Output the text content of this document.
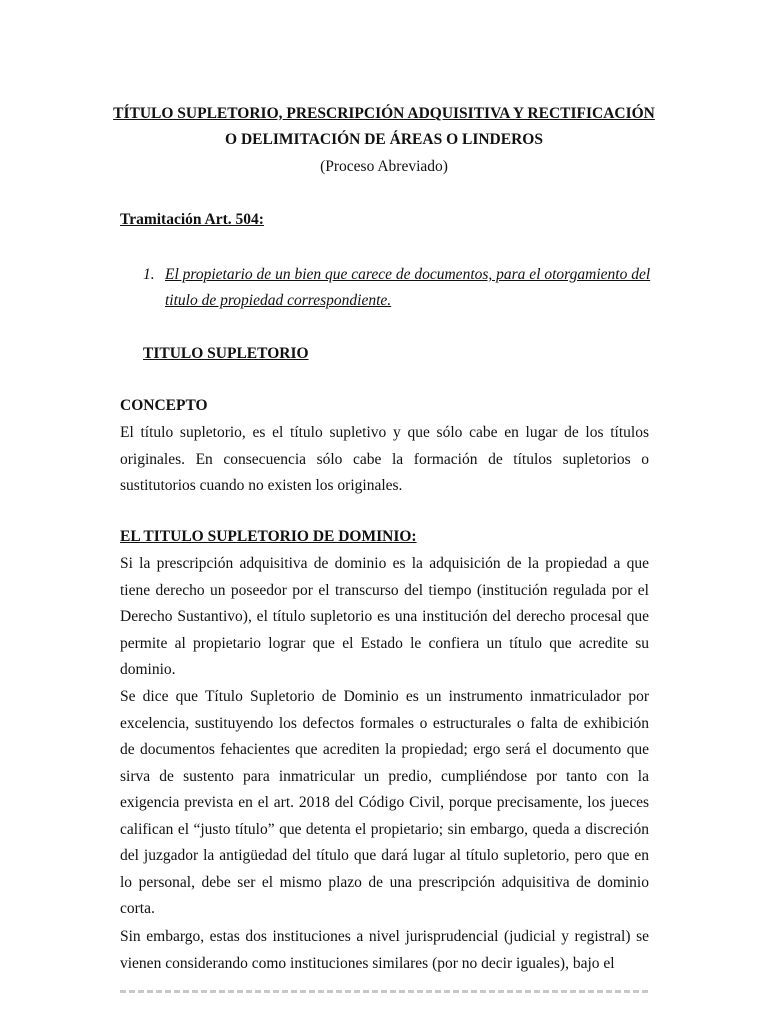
TÍTULO SUPLETORIO, PRESCRIPCIÓN ADQUISITIVA Y RECTIFICACIÓN
O DELIMITACIÓN DE ÁREAS O LINDEROS
(Proceso Abreviado)
Tramitación Art. 504:
1. El propietario de un bien que carece de documentos, para el otorgamiento del
titulo de propiedad correspondiente.
TITULO SUPLETORIO
CONCEPTO

El título supletorio, es el título supletivo y que sólo cabe en lugar de los títulos originales. En consecuencia sólo cabe la formación de títulos supletorios o sustitutorios cuando no existen los originales.

EL TITULO SUPLETORIO DE DOMINIO:

Si la prescripción adquisitiva de dominio es la adquisición de la propiedad a que tiene derecho un poseedor por el transcurso del tiempo (institución regulada por el Derecho Sustantivo), el título supletorio es una institución del derecho procesal que permite al propietario lograr que el Estado le confiera un título que acredite su dominio.

Se dice que Título Supletorio de Dominio es un instrumento inmatriculador por excelencia, sustituyendo los defectos formales o estructurales o falta de exhibición de documentos fehacientes que acrediten la propiedad; ergo será el documento que sirva de sustento para inmatricular un predio, cumpliéndose por tanto con la exigencia prevista en el art. 2018 del Código Civil, porque precisamente, los jueces califican el “justo título” que detenta el propietario; sin embargo, queda a discreción del juzgador la antigüedad del título que dará lugar al título supletorio, pero que en lo personal, debe ser el mismo plazo de una prescripción adquisitiva de dominio corta.

Sin embargo, estas dos instituciones a nivel jurisprudencial (judicial y registral) se vienen considerando como instituciones similares (por no decir iguales), bajo el
